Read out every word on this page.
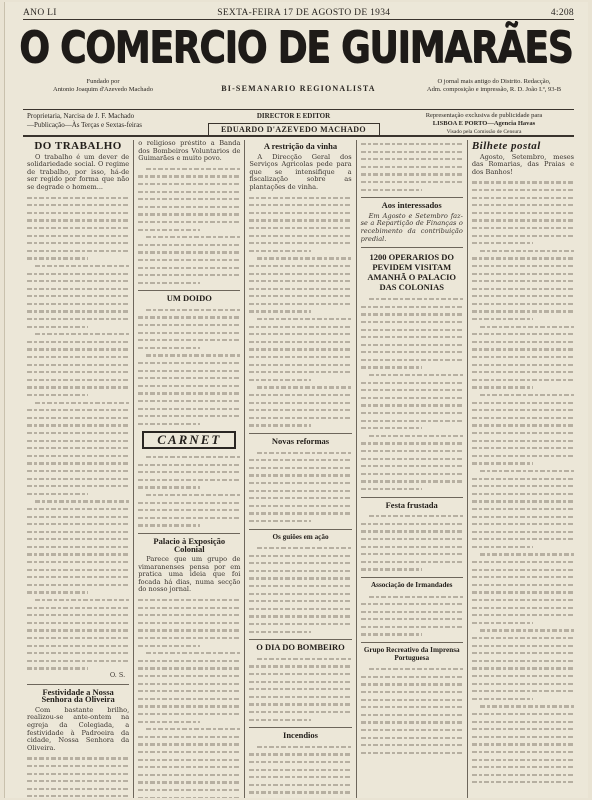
ANO LI	SEXTA-FEIRA 17 DE AGOSTO DE 1934	4:208
O COMERCIO DE GUIMARÃES
Fundado por
Antonio Joaquim d'Azevedo Machado	BI-SEMANARIO REGIONALISTA
O jornal mais antigo do Distrito. Redacção,
Adm. composição e impressão, R. D. João I.º, 93-B
Proprietaria, Narcisa de J. F. Machado
—Publicação—Às Terças e Sextas-feiras
DIRECTOR E EDITOR
EDUARDO D'AZEVEDO MACHADO
Representação exclusiva de publicidade para
LISBOA E PORTO—Agencia Havas
Visado pela Comissão de Censura
DO TRABALHO

O trabalho é um dever de solidariedade social. O regime de trabalho, por isso, há-de ser regido por forma que não se degrade o homem...

O. S.
Festividade a Nossa Senhora da Oliveira

Com bastante brilho, realizou-se ante-ontem na egreja da Colegiada, a festividade à Padroeira da cidade, Nossa Senhora da Oliveira.

o religioso préstito a Banda dos Bombeiros Voluntarios de Guimarães e muito povo.

UM DOIDO
CARNET
Palacio à Exposição Colonial

Parece que um grupo de vimaranenses pensa por em pratica uma ideia que foi focada há dias, numa secção do nosso jornal.

A restrição da vinha

A Direcção Geral dos Serviços Agricolas pede para que se intensifique a fiscalização sobre as plantações de vinha.

Novas reformas
Os guiões em ação
O DIA DO BOMBEIRO
Incendios
Aos interessados

Em Agosto e Setembro faz-se a Repartição de Finanças o recebimento da contribuição predial.

1200 OPERARIOS DO PEVIDEM VISITAM AMANHÃ O PALACIO DAS COLONIAS
Festa frustada
Associação de Irmandades
Grupo Recreativo da Imprensa Portuguesa
Bilhete postal

Agosto, Setembro, meses das Romarias, das Praias e dos Banhos!
